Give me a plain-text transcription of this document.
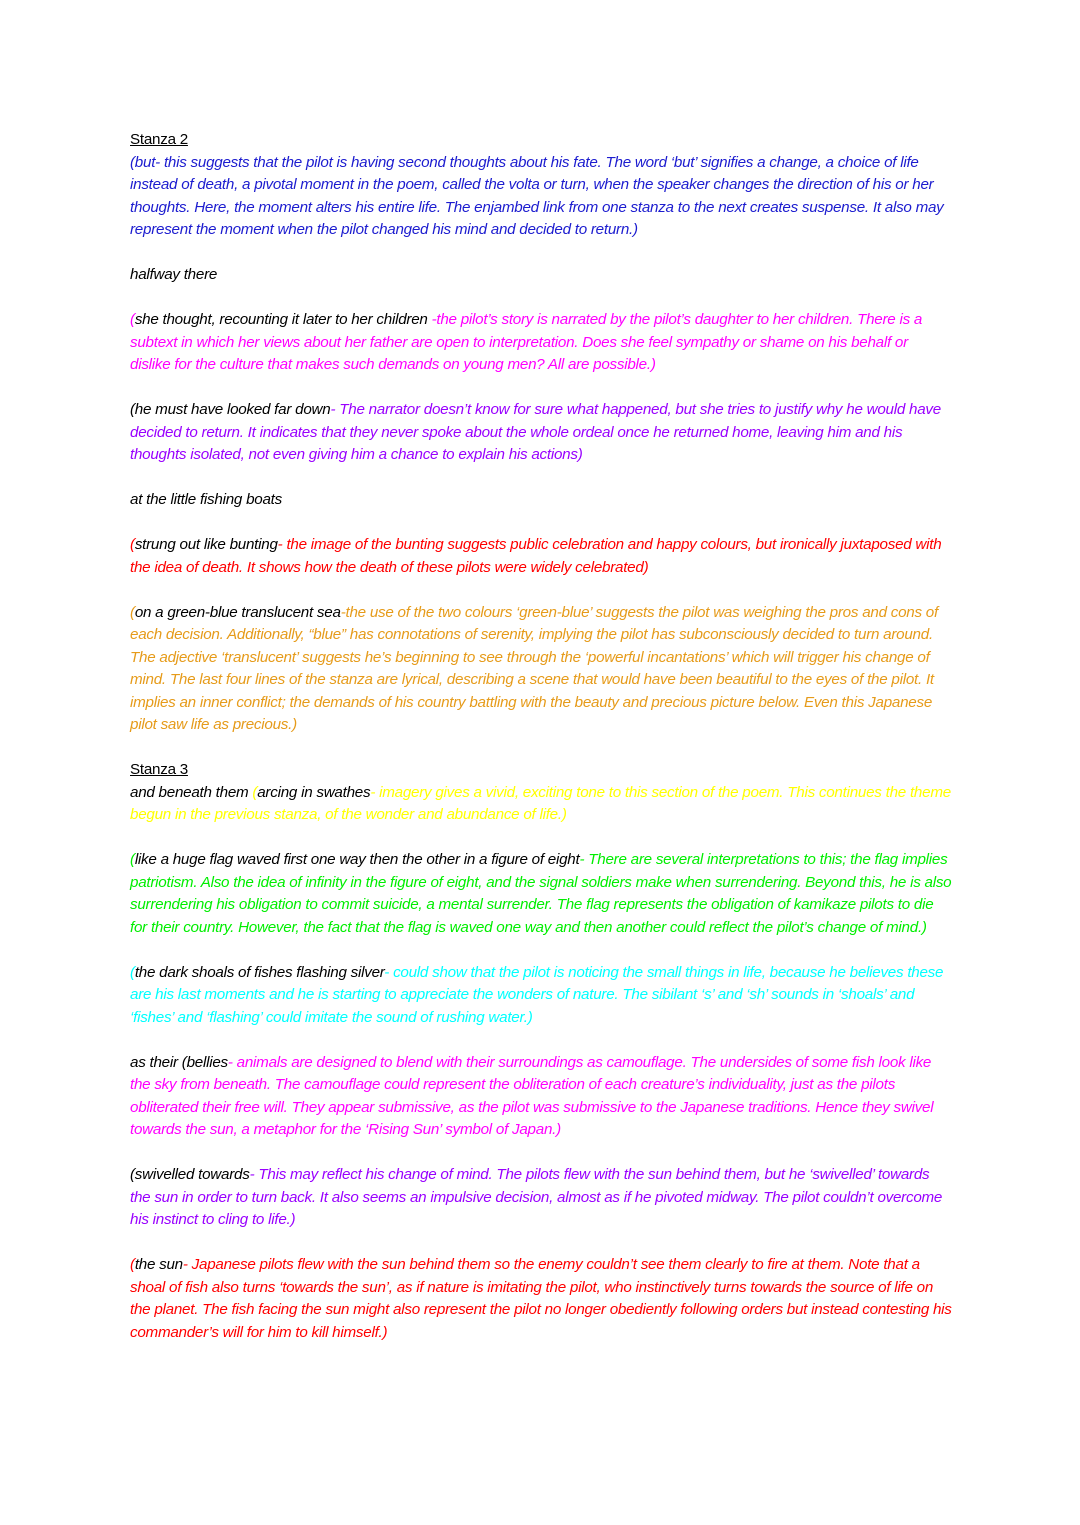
Stanza 2

(but- this suggests that the pilot is having second thoughts about his fate. The word ‘but’ signifies a change, a choice of life instead of death, a pivotal moment in the poem, called the volta or turn, when the speaker changes the direction of his or her thoughts. Here, the moment alters his entire life. The enjambed link from one stanza to the next creates suspense. It also may represent the moment when the pilot changed his mind and decided to return.)

halfway there

(she thought, recounting it later to her children -the pilot’s story is narrated by the pilot’s daughter to her children. There is a subtext in which her views about her father are open to interpretation. Does she feel sympathy or shame on his behalf or dislike for the culture that makes such demands on young men? All are possible.)

(he must have looked far down- The narrator doesn’t know for sure what happened, but she tries to justify why he would have decided to return. It indicates that they never spoke about the whole ordeal once he returned home, leaving him and his thoughts isolated, not even giving him a chance to explain his actions)

at the little fishing boats

(strung out like bunting- the image of the bunting suggests public celebration and happy colours, but ironically juxtaposed with the idea of death. It shows how the death of these pilots were widely celebrated)

(on a green-blue translucent sea-the use of the two colours ‘green-blue’ suggests the pilot was weighing the pros and cons of each decision. Additionally, “blue” has connotations of serenity, implying the pilot has subconsciously decided to turn around. The adjective ‘translucent’ suggests he’s beginning to see through the ‘powerful incantations’ which will trigger his change of mind. The last four lines of the stanza are lyrical, describing a scene that would have been beautiful to the eyes of the pilot. It implies an inner conflict; the demands of his country battling with the beauty and precious picture below. Even this Japanese pilot saw life as precious.)

Stanza 3

and beneath them (arcing in swathes- imagery gives a vivid, exciting tone to this section of the poem. This continues the theme begun in the previous stanza, of the wonder and abundance of life.)

(like a huge flag waved first one way then the other in a figure of eight- There are several interpretations to this; the flag implies patriotism. Also the idea of infinity in the figure of eight, and the signal soldiers make when surrendering. Beyond this, he is also surrendering his obligation to commit suicide, a mental surrender. The flag represents the obligation of kamikaze pilots to die for their country. However, the fact that the flag is waved one way and then another could reflect the pilot’s change of mind.)

(the dark shoals of fishes flashing silver- could show that the pilot is noticing the small things in life, because he believes these are his last moments and he is starting to appreciate the wonders of nature. The sibilant ‘s’ and ‘sh’ sounds in ‘shoals’ and ‘fishes’ and ‘flashing’ could imitate the sound of rushing water.)

as their (bellies- animals are designed to blend with their surroundings as camouflage. The undersides of some fish look like the sky from beneath. The camouflage could represent the obliteration of each creature’s individuality, just as the pilots obliterated their free will. They appear submissive, as the pilot was submissive to the Japanese traditions. Hence they swivel towards the sun, a metaphor for the ‘Rising Sun’ symbol of Japan.)

(swivelled towards- This may reflect his change of mind. The pilots flew with the sun behind them, but he ‘swivelled’ towards the sun in order to turn back. It also seems an impulsive decision, almost as if he pivoted midway. The pilot couldn’t overcome his instinct to cling to life.)

(the sun- Japanese pilots flew with the sun behind them so the enemy couldn’t see them clearly to fire at them. Note that a shoal of fish also turns ‘towards the sun’, as if nature is imitating the pilot, who instinctively turns towards the source of life on the planet. The fish facing the sun might also represent the pilot no longer obediently following orders but instead contesting his commander’s will for him to kill himself.)
